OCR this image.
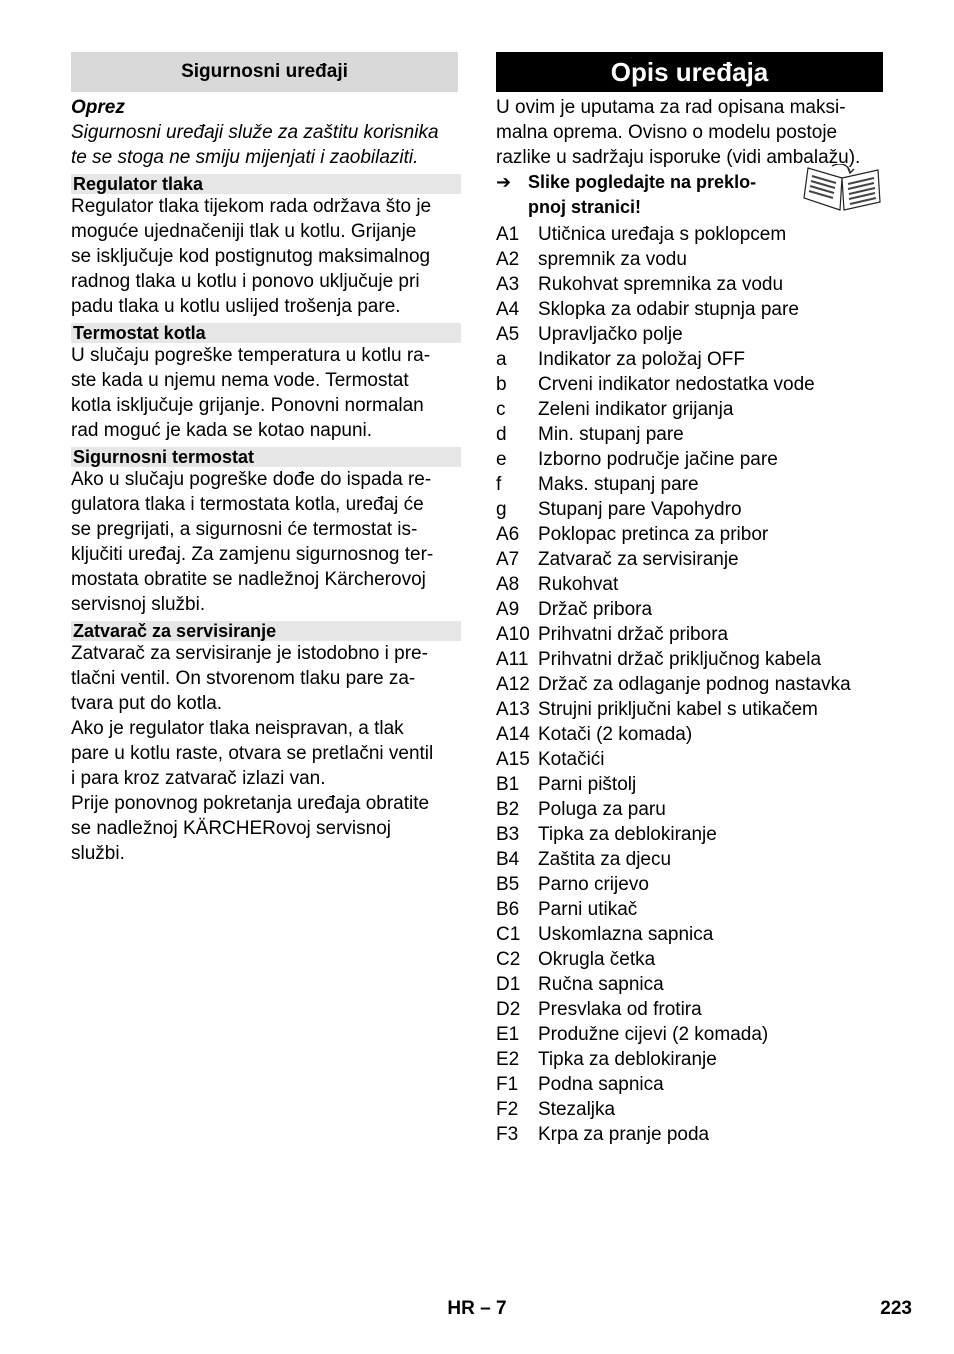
Sigurnosni uređaji
Oprez
Sigurnosni uređaji služe za zaštitu korisnika
te se stoga ne smiju mijenjati i zaobilaziti.
Regulator tlaka
Regulator tlaka tijekom rada održava što je
moguće ujednačeniji tlak u kotlu. Grijanje
se isključuje kod postignutog maksimalnog
radnog tlaka u kotlu i ponovo uključuje pri
padu tlaka u kotlu uslijed trošenja pare.
Termostat kotla
U slučaju pogreške temperatura u kotlu ra-
ste kada u njemu nema vode. Termostat
kotla isključuje grijanje. Ponovni normalan
rad moguć je kada se kotao napuni.
Sigurnosni termostat
Ako u slučaju pogreške dođe do ispada re-
gulatora tlaka i termostata kotla, uređaj će
se pregrijati, a sigurnosni će termostat is-
ključiti uređaj. Za zamjenu sigurnosnog ter-
mostata obratite se nadležnoj Kärcherovoj
servisnoj službi.
Zatvarač za servisiranje
Zatvarač za servisiranje je istodobno i pre-
tlačni ventil. On stvorenom tlaku pare za-
tvara put do kotla.
Ako je regulator tlaka neispravan, a tlak
pare u kotlu raste, otvara se pretlačni ventil
i para kroz zatvarač izlazi van.
Prije ponovnog pokretanja uređaja obratite
se nadležnoj KÄRCHERovoj servisnoj
službi.
Opis uređaja
U ovim je uputama za rad opisana maksi-
malna oprema. Ovisno o modelu postoje
razlike u sadržaju isporuke (vidi ambalažu).
➔ Slike pogledajte na preklo-
pnoj stranici!
A1 Utičnica uređaja s poklopcem
A2 spremnik za vodu
A3 Rukohvat spremnika za vodu
A4 Sklopka za odabir stupnja pare
A5 Upravljačko polje
a	Indikator za položaj OFF
b	Crveni indikator nedostatka vode
c	Zeleni indikator grijanja
d	Min. stupanj pare
e	Izborno područje jačine pare
f	Maks. stupanj pare
g	Stupanj pare Vapohydro
A6 Poklopac pretinca za pribor
A7 Zatvarač za servisiranje
A8 Rukohvat
A9 Držač pribora
A10 Prihvatni držač pribora
A11 Prihvatni držač priključnog kabela
A12 Držač za odlaganje podnog nastavka
A13 Strujni priključni kabel s utikačem
A14 Kotači (2 komada)
A15 Kotačići
B1 Parni pištolj
B2 Poluga za paru
B3 Tipka za deblokiranje
B4 Zaštita za djecu
B5 Parno crijevo
B6 Parni utikač
C1 Uskomlazna sapnica
C2 Okrugla četka
D1 Ručna sapnica
D2 Presvlaka od frotira
E1 Produžne cijevi (2 komada)
E2 Tipka za deblokiranje
F1	Podna sapnica
F2	Stezaljka
F3	Krpa za pranje poda
HR – 7	223
